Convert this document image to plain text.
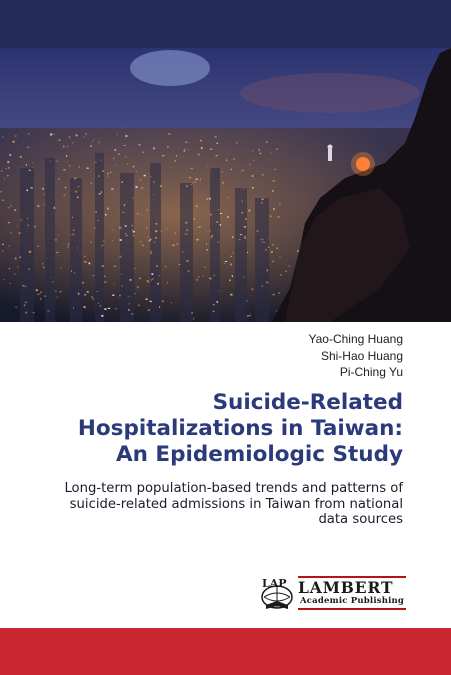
Yao-Ching Huang
Shi-Hao Huang
Pi-Ching Yu
Suicide-Related
Hospitalizations in Taiwan:
An Epidemiologic Study
Long-term population-based trends and patterns of
suicide-related admissions in Taiwan from national
data sources
LAP LAMBERT
Academic Publishing
